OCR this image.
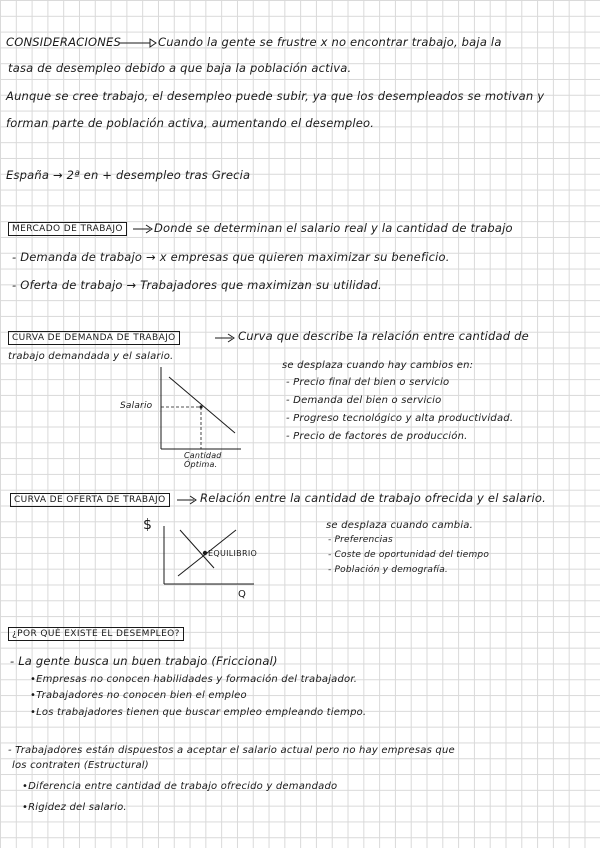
CONSIDERACIONES	Cuando la gente se frustre x no encontrar trabajo, baja la
tasa de desempleo debido a que baja la población activa.
Aunque se cree trabajo, el desempleo puede subir, ya que los desempleados se motivan y
forman parte de población activa, aumentando el desempleo.
España → 2ª en + desempleo tras Grecia
MERCADO DE TRABAJO	Donde se determinan el salario real y la cantidad de trabajo
- Demanda de trabajo → x empresas que quieren maximizar su beneficio.
- Oferta de trabajo → Trabajadores que maximizan su utilidad.
CURVA DE DEMANDA DE TRABAJO	Curva que describe la relación entre cantidad de
trabajo demandada y el salario.
se desplaza cuando hay cambios en:
- Precio final del bien o servicio
- Demanda del bien o servicio
- Progreso tecnológico y alta productividad.
- Precio de factores de producción.
Salario
Cantidad
Óptima.
CURVA DE OFERTA DE TRABAJO	Relación entre la cantidad de trabajo ofrecida y el salario.
se desplaza cuando cambia.
- Preferencias
- Coste de oportunidad del tiempo
- Población y demografía.
$
Q
EQUILIBRIO
¿POR QUÉ EXISTE EL DESEMPLEO?
- La gente busca un buen trabajo (Friccional)
•Empresas no conocen habilidades y formación del trabajador.
•Trabajadores no conocen bien el empleo
•Los trabajadores tienen que buscar empleo empleando tiempo.
- Trabajadores están dispuestos a aceptar el salario actual pero no hay empresas que
los contraten (Estructural)
•Diferencia entre cantidad de trabajo ofrecido y demandado
•Rigidez del salario.
